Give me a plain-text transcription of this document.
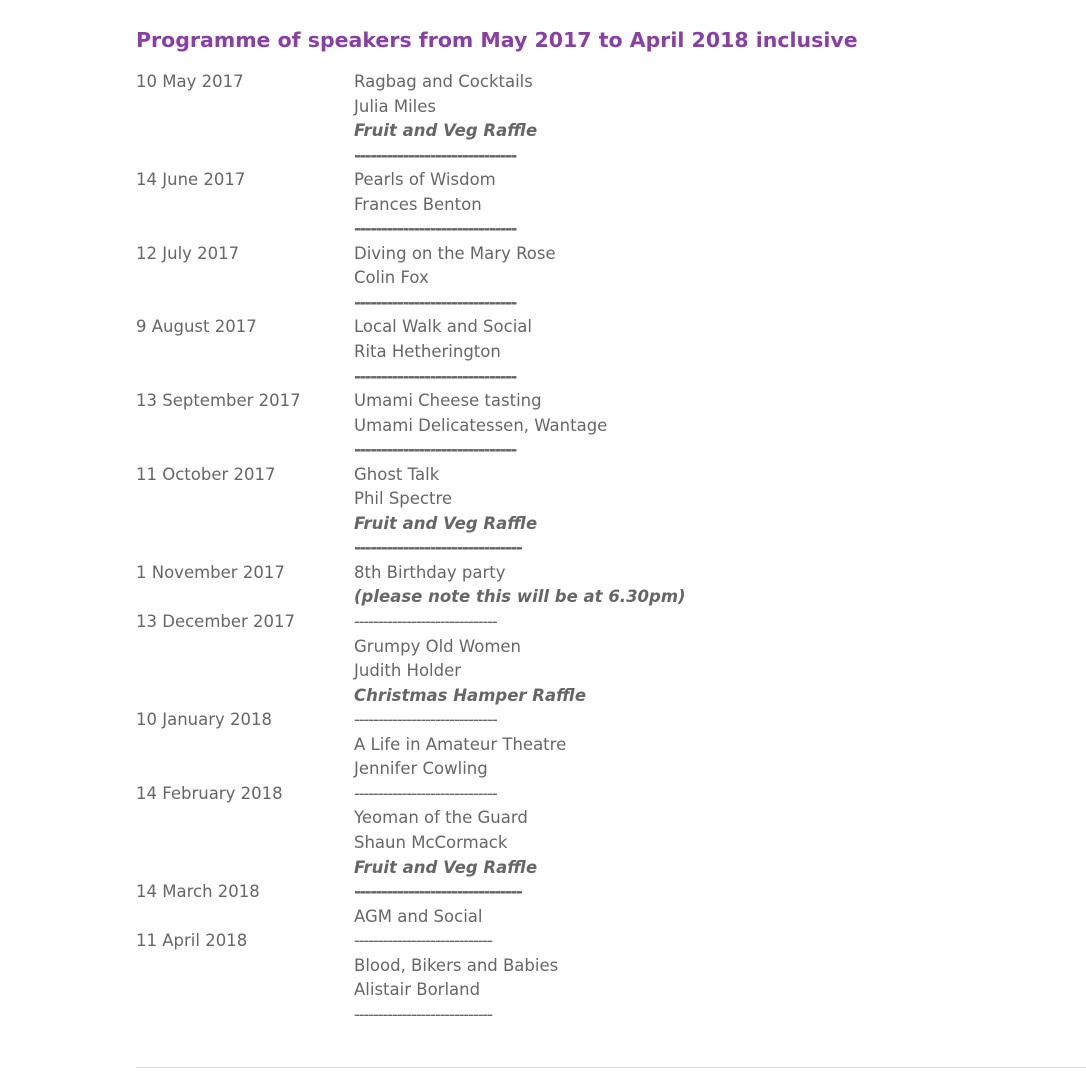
Programme of speakers from May 2017 to April 2018 inclusive
10 May 2017
14 June 2017
12 July 2017
9 August 2017
13 September 2017
11 October 2017
1 November 2017
13 December 2017
10 January 2018
14 February 2018
14 March 2018
11 April 2018
Ragbag and Cocktails
Julia Miles
Fruit and Veg Raffle
------------------------------
Pearls of Wisdom
Frances Benton
------------------------------
Diving on the Mary Rose
Colin Fox
------------------------------
Local Walk and Social
Rita Hetherington
------------------------------
Umami Cheese tasting
Umami Delicatessen, Wantage
------------------------------
Ghost Talk
Phil Spectre
Fruit and Veg Raffle
-------------------------------
8th Birthday party
(please note this will be at 6.30pm)
------------------------------
Grumpy Old Women
Judith Holder
Christmas Hamper Raffle
------------------------------
A Life in Amateur Theatre
Jennifer Cowling
------------------------------
Yeoman of the Guard
Shaun McCormack
Fruit and Veg Raffle
-------------------------------
AGM and Social
-----------------------------
Blood, Bikers and Babies
Alistair Borland
-----------------------------
